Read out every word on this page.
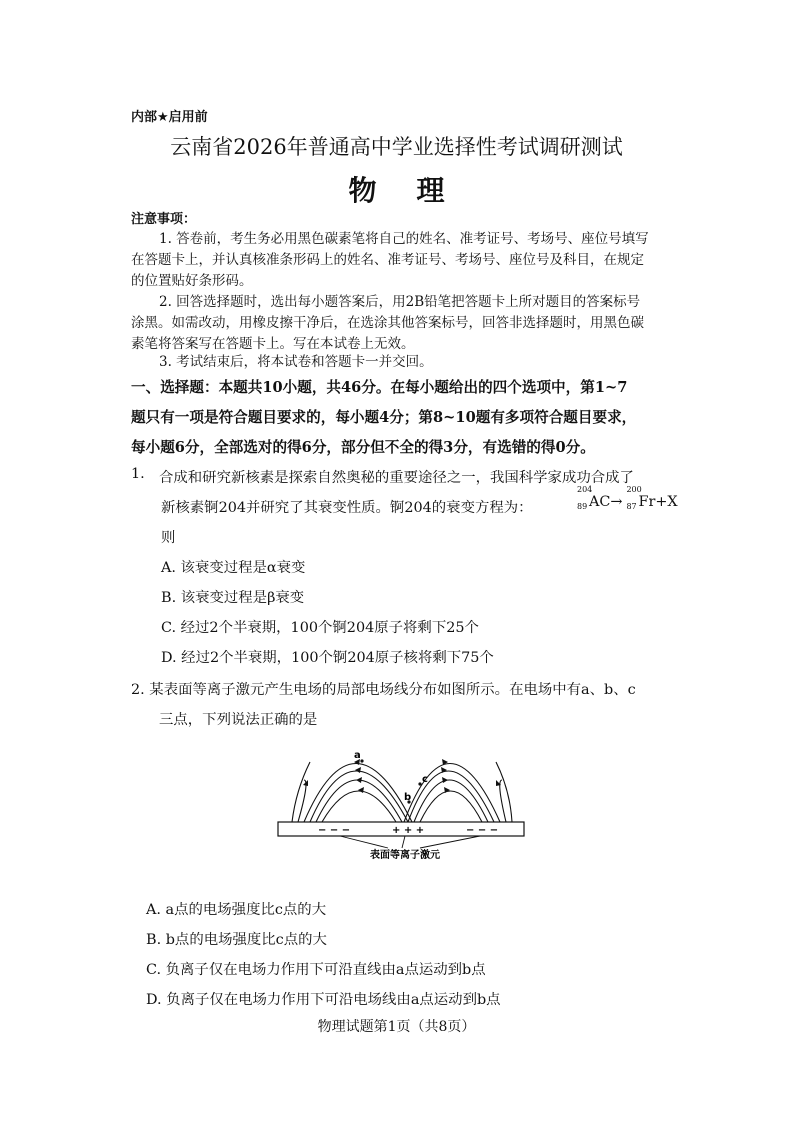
内部★启用前
云南省2026年普通高中学业选择性考试调研测试
物理
注意事项：
1. 答卷前，考生务必用黑色碳素笔将自己的姓名、准考证号、考场号、座位号填写
在答题卡上，并认真核准条形码上的姓名、准考证号、考场号、座位号及科目，在规定
的位置贴好条形码。
2. 回答选择题时，选出每小题答案后，用2B铅笔把答题卡上所对题目的答案标号
涂黑。如需改动，用橡皮擦干净后，在选涂其他答案标号，回答非选择题时，用黑色碳
素笔将答案写在答题卡上。写在本试卷上无效。
3. 考试结束后，将本试卷和答题卡一并交回。
一、选择题：本题共10小题，共46分。在每小题给出的四个选项中，第1~7
题只有一项是符合题目要求的，每小题4分；第8~10题有多项符合题目要求，
每小题6分，全部选对的得6分，部分但不全的得3分，有选错的得0分。
1. 合成和研究新核素是探索自然奥秘的重要途径之一，我国科学家成功合成了
新核素锕204并研究了其衰变性质。锕204的衰变方程为：
204
89 AC→
200
87 Fr+X
则
A. 该衰变过程是α衰变
B. 该衰变过程是β衰变
C. 经过2个半衰期，100个锕204原子将剩下25个
D. 经过2个半衰期，100个锕204原子核将剩下75个
2. 某表面等离子激元产生电场的局部电场线分布如图所示。在电场中有a、b、c
三点，下列说法正确的是
a
b
c
− − −	+ + +	− − −
表面等离子激元
A. a点的电场强度比c点的大
B. b点的电场强度比c点的大
C. 负离子仅在电场力作用下可沿直线由a点运动到b点
D. 负离子仅在电场力作用下可沿电场线由a点运动到b点
物理试题第1页（共8页）
